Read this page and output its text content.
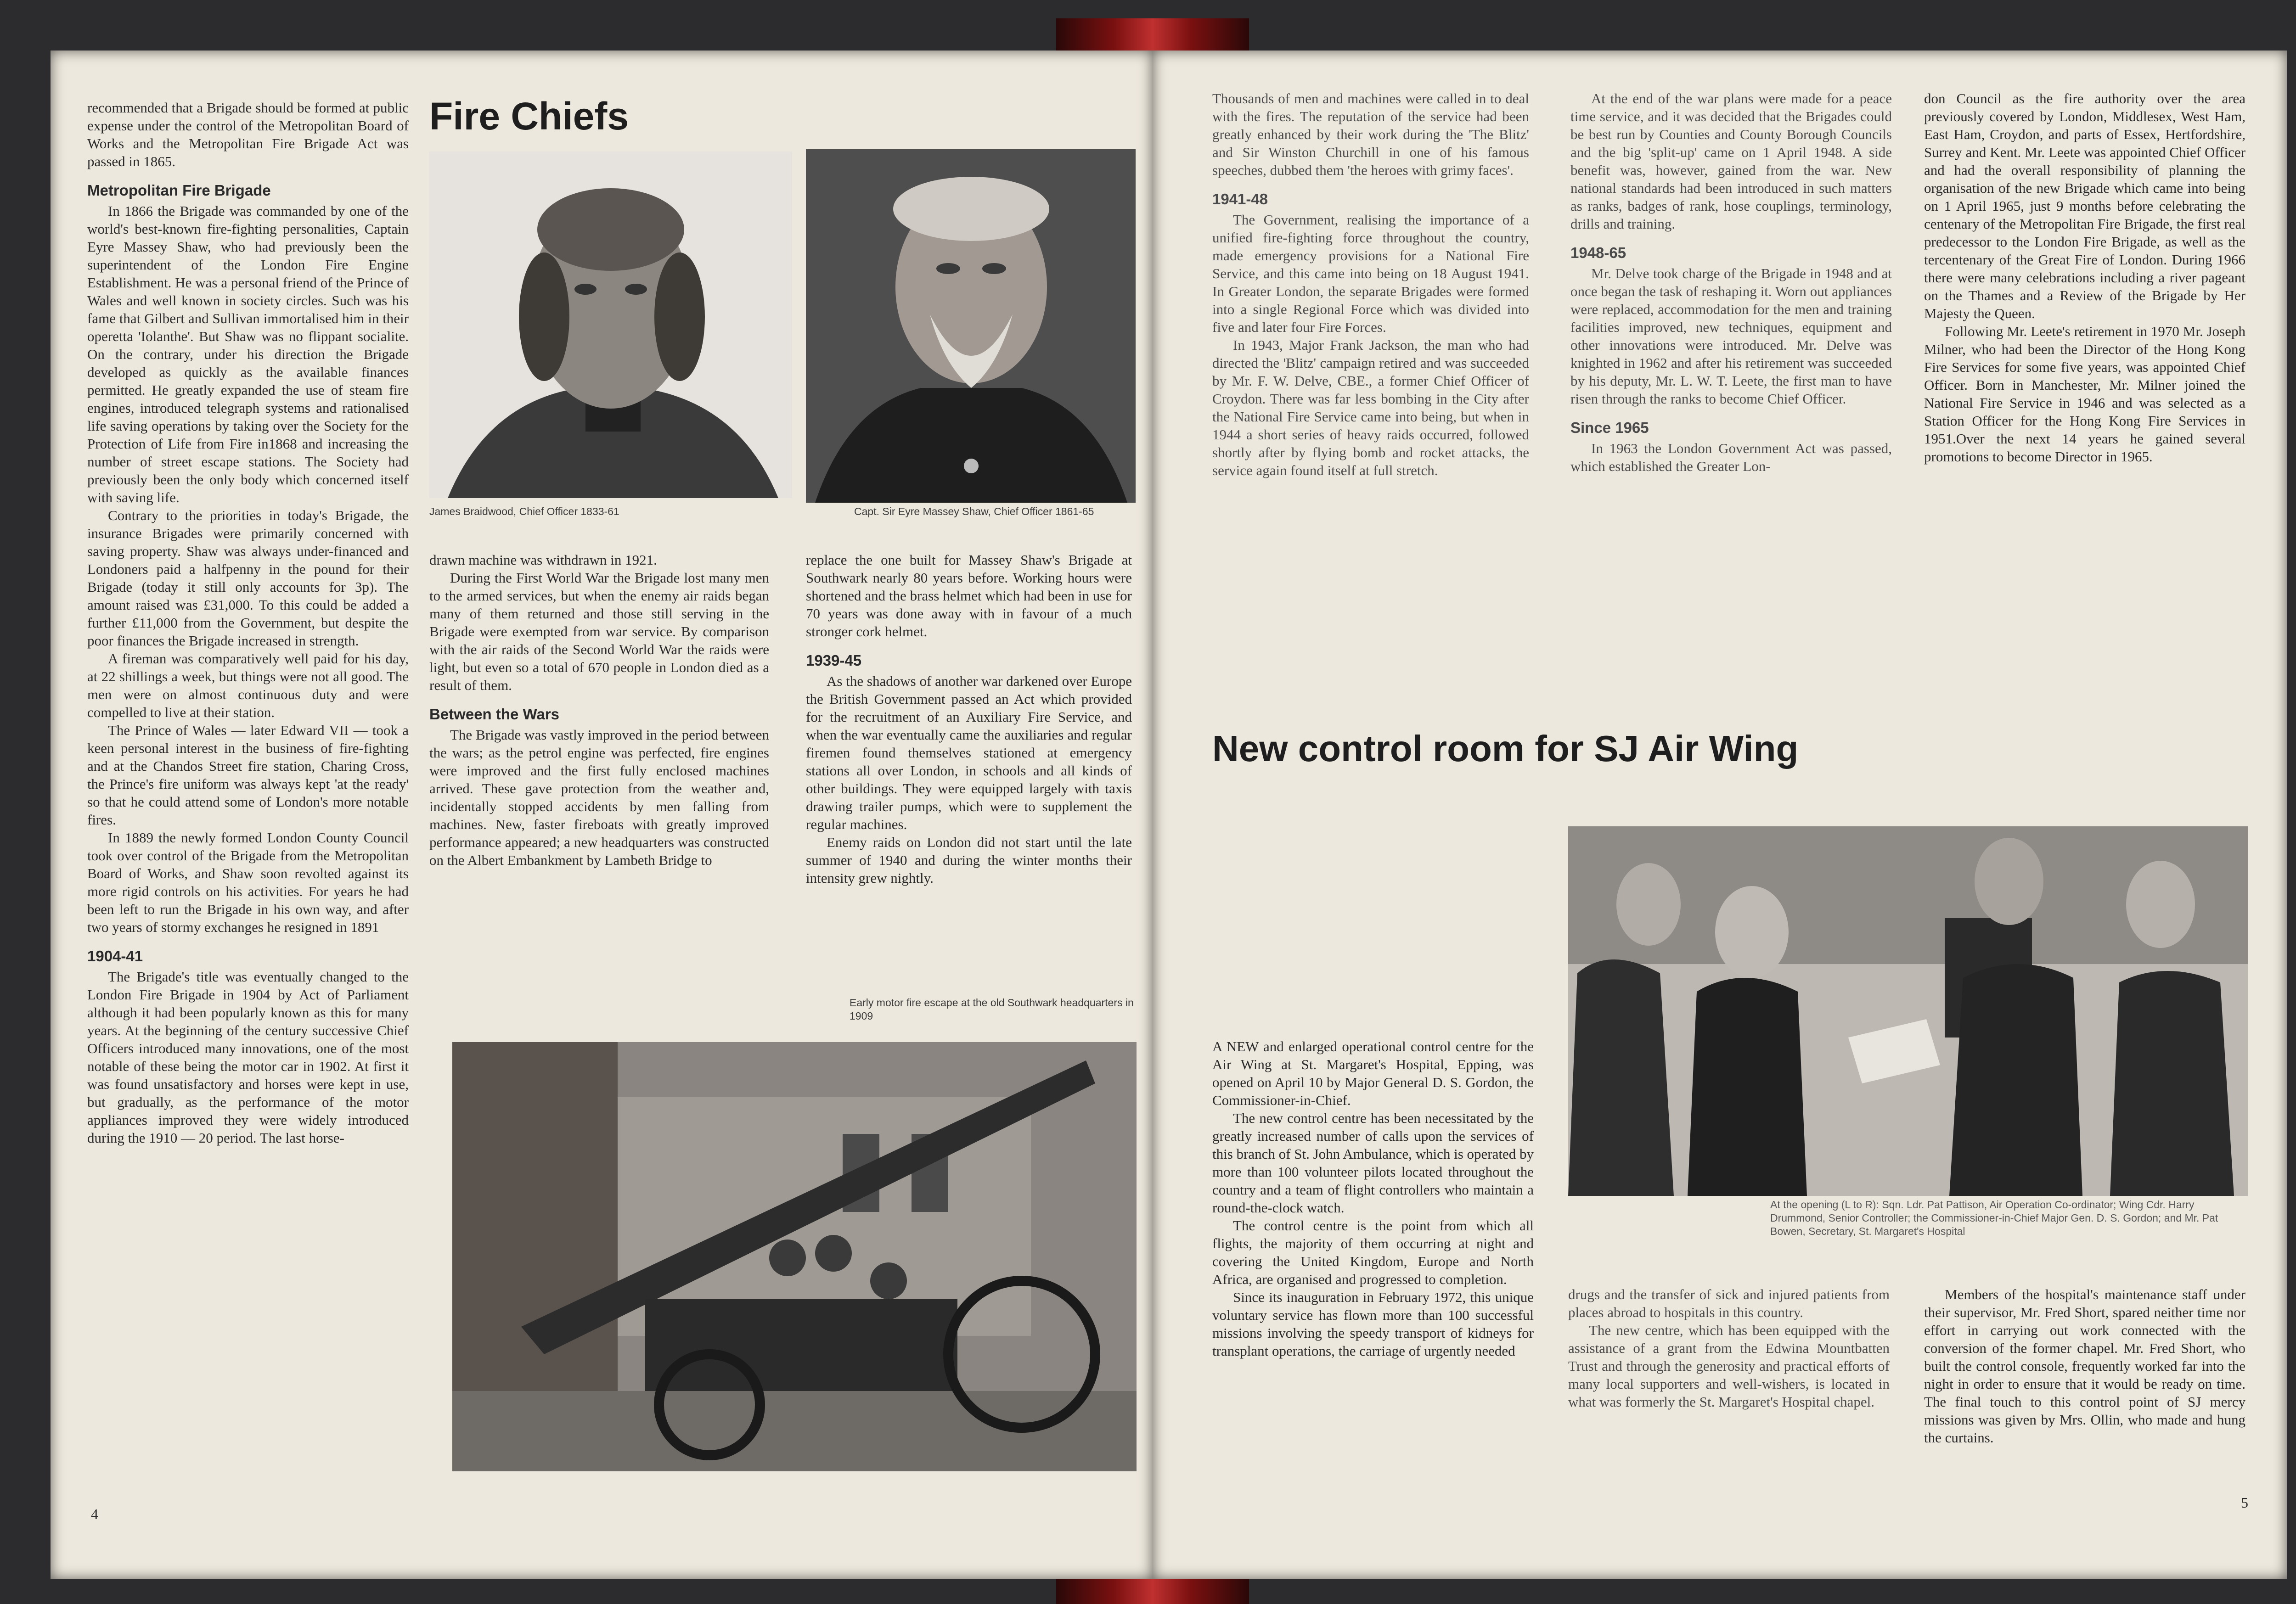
recommended that a Brigade should be formed at public expense under the control of the Metropolitan Board of Works and the Metropolitan Fire Brigade Act was passed in 1865.

Metropolitan Fire Brigade

In 1866 the Brigade was commanded by one of the world's best-known fire-fighting personalities, Captain Eyre Massey Shaw, who had previously been the superintendent of the London Fire Engine Establishment. He was a personal friend of the Prince of Wales and well known in society circles. Such was his fame that Gilbert and Sullivan immortalised him in their operetta 'Iolanthe'. But Shaw was no flippant socialite. On the contrary, under his direction the Brigade developed as quickly as the available finances permitted. He greatly expanded the use of steam fire engines, introduced telegraph systems and rationalised life saving operations by taking over the Society for the Protection of Life from Fire in1868 and increasing the number of street escape stations. The Society had previously been the only body which concerned itself with saving life.

Contrary to the priorities in today's Brigade, the insurance Brigades were primarily concerned with saving property. Shaw was always under-financed and Londoners paid a halfpenny in the pound for their Brigade (today it still only accounts for 3p). The amount raised was £31,000. To this could be added a further £11,000 from the Government, but despite the poor finances the Brigade increased in strength.

A fireman was comparatively well paid for his day, at 22 shillings a week, but things were not all good. The men were on almost continuous duty and were compelled to live at their station.

The Prince of Wales — later Edward VII — took a keen personal interest in the business of fire-fighting and at the Chandos Street fire station, Charing Cross, the Prince's fire uniform was always kept 'at the ready' so that he could attend some of London's more notable fires.

In 1889 the newly formed London County Council took over control of the Brigade from the Metropolitan Board of Works, and Shaw soon revolted against its more rigid controls on his activities. For years he had been left to run the Brigade in his own way, and after two years of stormy exchanges he resigned in 1891

1904-41

The Brigade's title was eventually changed to the London Fire Brigade in 1904 by Act of Parliament although it had been popularly known as this for many years. At the beginning of the century successive Chief Officers introduced many innovations, one of the most notable of these being the motor car in 1902. At first it was found unsatisfactory and horses were kept in use, but gradually, as the performance of the motor appliances improved they were widely introduced during the 1910 — 20 period. The last horse-

Fire Chiefs
James Braidwood, Chief Officer 1833-61	Capt. Sir Eyre Massey Shaw, Chief Officer 1861-65

drawn machine was withdrawn in 1921.

During the First World War the Brigade lost many men to the armed services, but when the enemy air raids began many of them returned and those still serving in the Brigade were exempted from war service. By comparison with the air raids of the Second World War the raids were light, but even so a total of 670 people in London died as a result of them.

Between the Wars

The Brigade was vastly improved in the period between the wars; as the petrol engine was perfected, fire engines were improved and the first fully enclosed machines arrived. These gave protection from the weather and, incidentally stopped accidents by men falling from machines. New, faster fireboats with greatly improved performance appeared; a new headquarters was constructed on the Albert Embankment by Lambeth Bridge to

replace the one built for Massey Shaw's Brigade at Southwark nearly 80 years before. Working hours were shortened and the brass helmet which had been in use for 70 years was done away with in favour of a much stronger cork helmet.

1939-45

As the shadows of another war darkened over Europe the British Government passed an Act which provided for the recruitment of an Auxiliary Fire Service, and when the war eventually came the auxiliaries and regular firemen found themselves stationed at emergency stations all over London, in schools and all kinds of other buildings. They were equipped largely with taxis drawing trailer pumps, which were to supplement the regular machines.

Enemy raids on London did not start until the late summer of 1940 and during the winter months their intensity grew nightly.

Early motor fire escape at the old Southwark headquarters in 1909
4

Thousands of men and machines were called in to deal with the fires. The reputation of the service had been greatly enhanced by their work during the 'The Blitz' and Sir Winston Churchill in one of his famous speeches, dubbed them 'the heroes with grimy faces'.

1941-48

The Government, realising the importance of a unified fire-fighting force throughout the country, made emergency provisions for a National Fire Service, and this came into being on 18 August 1941. In Greater London, the separate Brigades were formed into a single Regional Force which was divided into five and later four Fire Forces.

In 1943, Major Frank Jackson, the man who had directed the 'Blitz' campaign retired and was succeeded by Mr. F. W. Delve, CBE., a former Chief Officer of Croydon. There was far less bombing in the City after the National Fire Service came into being, but when in 1944 a short series of heavy raids occurred, followed shortly after by flying bomb and rocket attacks, the service again found itself at full stretch.

At the end of the war plans were made for a peace time service, and it was decided that the Brigades could be best run by Counties and County Borough Councils and the big 'split-up' came on 1 April 1948. A side benefit was, however, gained from the war. New national standards had been introduced in such matters as ranks, badges of rank, hose couplings, terminology, drills and training.

1948-65

Mr. Delve took charge of the Brigade in 1948 and at once began the task of reshaping it. Worn out appliances were replaced, accommodation for the men and training facilities improved, new techniques, equipment and other innovations were introduced. Mr. Delve was knighted in 1962 and after his retirement was succeeded by his deputy, Mr. L. W. T. Leete, the first man to have risen through the ranks to become Chief Officer.

Since 1965

In 1963 the London Government Act was passed, which established the Greater Lon-

don Council as the fire authority over the area previously covered by London, Middlesex, West Ham, East Ham, Croydon, and parts of Essex, Hertfordshire, Surrey and Kent. Mr. Leete was appointed Chief Officer and had the overall responsibility of planning the organisation of the new Brigade which came into being on 1 April 1965, just 9 months before celebrating the centenary of the Metropolitan Fire Brigade, the first real predecessor to the London Fire Brigade, as well as the tercentenary of the Great Fire of London. During 1966 there were many celebrations including a river pageant on the Thames and a Review of the Brigade by Her Majesty the Queen.

Following Mr. Leete's retirement in 1970 Mr. Joseph Milner, who had been the Director of the Hong Kong Fire Services for some five years, was appointed Chief Officer. Born in Manchester, Mr. Milner joined the National Fire Service in 1946 and was selected as a Station Officer for the Hong Kong Fire Services in 1951.Over the next 14 years he gained several promotions to become Director in 1965.

New control room for SJ Air Wing
At the opening (L to R): Sqn. Ldr. Pat Pattison, Air Operation Co-ordinator; Wing Cdr. Harry Drummond, Senior Controller; the Commissioner-in-Chief Major Gen. D. S. Gordon; and Mr. Pat Bowen, Secretary, St. Margaret's Hospital

A NEW and enlarged operational control centre for the Air Wing at St. Margaret's Hospital, Epping, was opened on April 10 by Major General D. S. Gordon, the Commissioner-in-Chief.

The new control centre has been necessitated by the greatly increased number of calls upon the services of this branch of St. John Ambulance, which is operated by more than 100 volunteer pilots located throughout the country and a team of flight controllers who maintain a round-the-clock watch.

The control centre is the point from which all flights, the majority of them occurring at night and covering the United Kingdom, Europe and North Africa, are organised and progressed to completion.

Since its inauguration in February 1972, this unique voluntary service has flown more than 100 successful missions involving the speedy transport of kidneys for transplant operations, the carriage of urgently needed

drugs and the transfer of sick and injured patients from places abroad to hospitals in this country.

The new centre, which has been equipped with the assistance of a grant from the Edwina Mountbatten Trust and through the generosity and practical efforts of many local supporters and well-wishers, is located in what was formerly the St. Margaret's Hospital chapel.

Members of the hospital's maintenance staff under their supervisor, Mr. Fred Short, spared neither time nor effort in carrying out work connected with the conversion of the former chapel. Mr. Fred Short, who built the control console, frequently worked far into the night in order to ensure that it would be ready on time. The final touch to this control point of SJ mercy missions was given by Mrs. Ollin, who made and hung the curtains.

5
